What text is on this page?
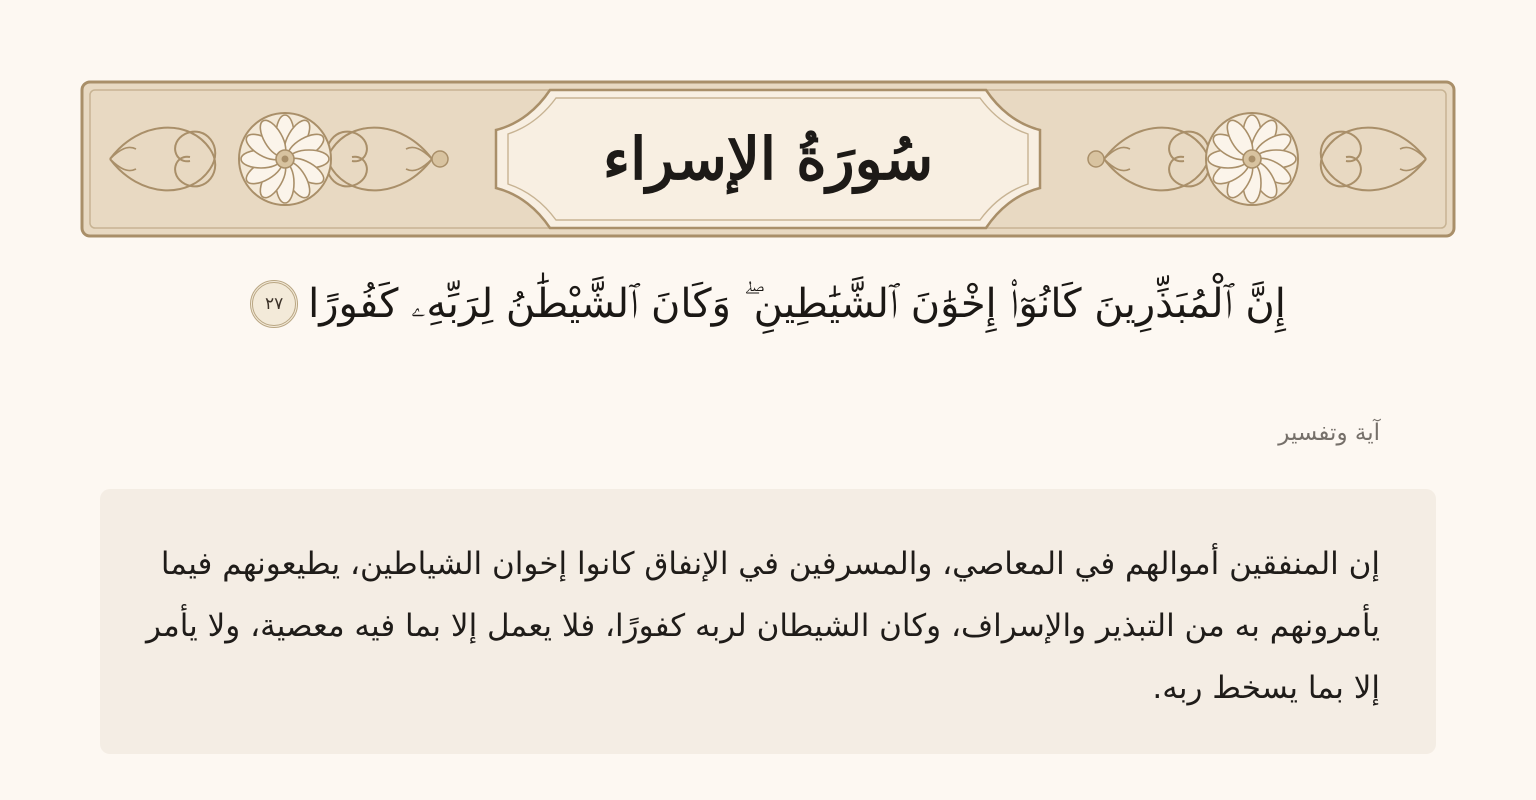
سُورَةُ الإسراء
إِنَّ ٱلْمُبَذِّرِينَ كَانُوٓا۟ إِخْوَٰنَ ٱلشَّيَٰطِينِ ۖ وَكَانَ ٱلشَّيْطَٰنُ لِرَبِّهِۦ كَفُورًا
٢٧
آية وتفسير
إن المنفقين أموالهم في المعاصي، والمسرفين في الإنفاق كانوا إخوان الشياطين، يطيعونهم فيما يأمرونهم به من التبذير والإسراف، وكان الشيطان لربه كفورًا، فلا يعمل إلا بما فيه معصية، ولا يأمر إلا بما يسخط ربه.
